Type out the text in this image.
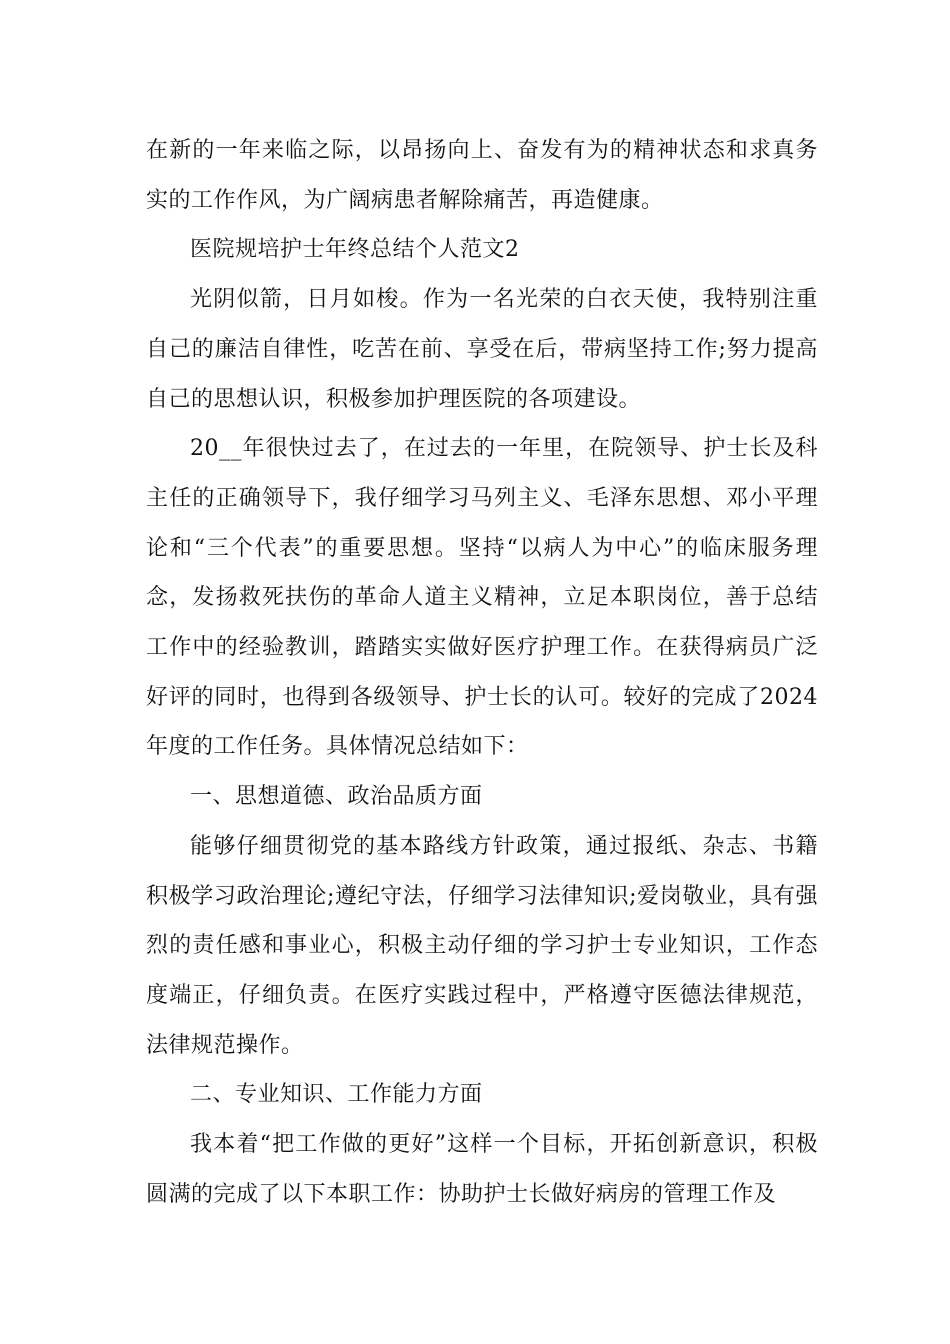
在新的一年来临之际，以昂扬向上、奋发有为的精神状态和求真务实的工作作风，为广阔病患者解除痛苦，再造健康。

医院规培护士年终总结个人范文2

光阴似箭，日月如梭。作为一名光荣的白衣天使，我特别注重自己的廉洁自律性，吃苦在前、享受在后，带病坚持工作;努力提高自己的思想认识，积极参加护理医院的各项建设。

20__年很快过去了，在过去的一年里，在院领导、护士长及科主任的正确领导下，我仔细学习马列主义、毛泽东思想、邓小平理论和“三个代表”的重要思想。坚持“以病人为中心”的临床服务理念，发扬救死扶伤的革命人道主义精神，立足本职岗位，善于总结工作中的经验教训，踏踏实实做好医疗护理工作。在获得病员广泛好评的同时，也得到各级领导、护士长的认可。较好的完成了2024年度的工作任务。具体情况总结如下：

一、思想道德、政治品质方面

能够仔细贯彻党的基本路线方针政策，通过报纸、杂志、书籍积极学习政治理论;遵纪守法，仔细学习法律知识;爱岗敬业，具有强烈的责任感和事业心，积极主动仔细的学习护士专业知识，工作态度端正，仔细负责。在医疗实践过程中，严格遵守医德法律规范，法律规范操作。

二、专业知识、工作能力方面

我本着“把工作做的更好”这样一个目标，开拓创新意识，积极圆满的完成了以下本职工作：协助护士长做好病房的管理工作及
